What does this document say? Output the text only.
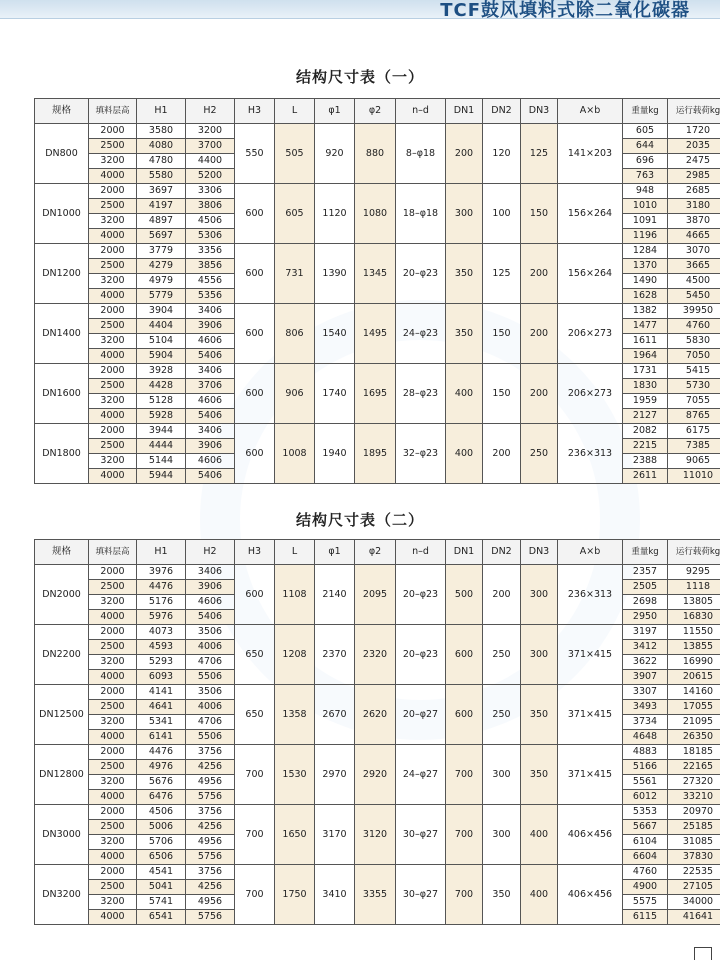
TCF鼓风填料式除二氧化碳器
结构尺寸表（一）
规格	填料层高	H1	H2	H3	L	φ1	φ2	n–d	DN1	DN2	DN3	A×b	重量kg	运行载荷kg
DN800	2000	3580	3200	550	505	920	880	8–φ18	200	120	125	141×203	605	1720
	2500	4080	3700										644	2035
	3200	4780	4400										696	2475
	4000	5580	5200										763	2985
DN1000	2000	3697	3306	600	605	1120	1080	18–φ18	300	100	150	156×264	948	2685
	2500	4197	3806										1010	3180
	3200	4897	4506										1091	3870
	4000	5697	5306										1196	4665
DN1200	2000	3779	3356	600	731	1390	1345	20–φ23	350	125	200	156×264	1284	3070
	2500	4279	3856										1370	3665
	3200	4979	4556										1490	4500
	4000	5779	5356										1628	5450
DN1400	2000	3904	3406	600	806	1540	1495	24–φ23	350	150	200	206×273	1382	39950
	2500	4404	3906										1477	4760
	3200	5104	4606										1611	5830
	4000	5904	5406										1964	7050
DN1600	2000	3928	3406	600	906	1740	1695	28–φ23	400	150	200	206×273	1731	5415
	2500	4428	3706										1830	5730
	3200	5128	4606										1959	7055
	4000	5928	5406										2127	8765
DN1800	2000	3944	3406	600	1008	1940	1895	32–φ23	400	200	250	236×313	2082	6175
	2500	4444	3906										2215	7385
	3200	5144	4606										2388	9065
	4000	5944	5406										2611	11010
结构尺寸表（二）
规格	填料层高	H1	H2	H3	L	φ1	φ2	n–d	DN1	DN2	DN3	A×b	重量kg	运行载荷kg
DN2000	2000	3976	3406	600	1108	2140	2095	20–φ23	500	200	300	236×313	2357	9295
	2500	4476	3906										2505	1118
	3200	5176	4606										2698	13805
	4000	5976	5406										2950	16830
DN2200	2000	4073	3506	650	1208	2370	2320	20–φ23	600	250	300	371×415	3197	11550
	2500	4593	4006										3412	13855
	3200	5293	4706										3622	16990
	4000	6093	5506										3907	20615
DN12500	2000	4141	3506	650	1358	2670	2620	20–φ27	600	250	350	371×415	3307	14160
	2500	4641	4006										3493	17055
	3200	5341	4706										3734	21095
	4000	6141	5506										4648	26350
DN12800	2000	4476	3756	700	1530	2970	2920	24–φ27	700	300	350	371×415	4883	18185
	2500	4976	4256										5166	22165
	3200	5676	4956										5561	27320
	4000	6476	5756										6012	33210
DN3000	2000	4506	3756	700	1650	3170	3120	30–φ27	700	300	400	406×456	5353	20970
	2500	5006	4256										5667	25185
	3200	5706	4956										6104	31085
	4000	6506	5756										6604	37830
DN3200	2000	4541	3756	700	1750	3410	3355	30–φ27	700	350	400	406×456	4760	22535
	2500	5041	4256										4900	27105
	3200	5741	4956										5575	34000
	4000	6541	5756										6115	41641
